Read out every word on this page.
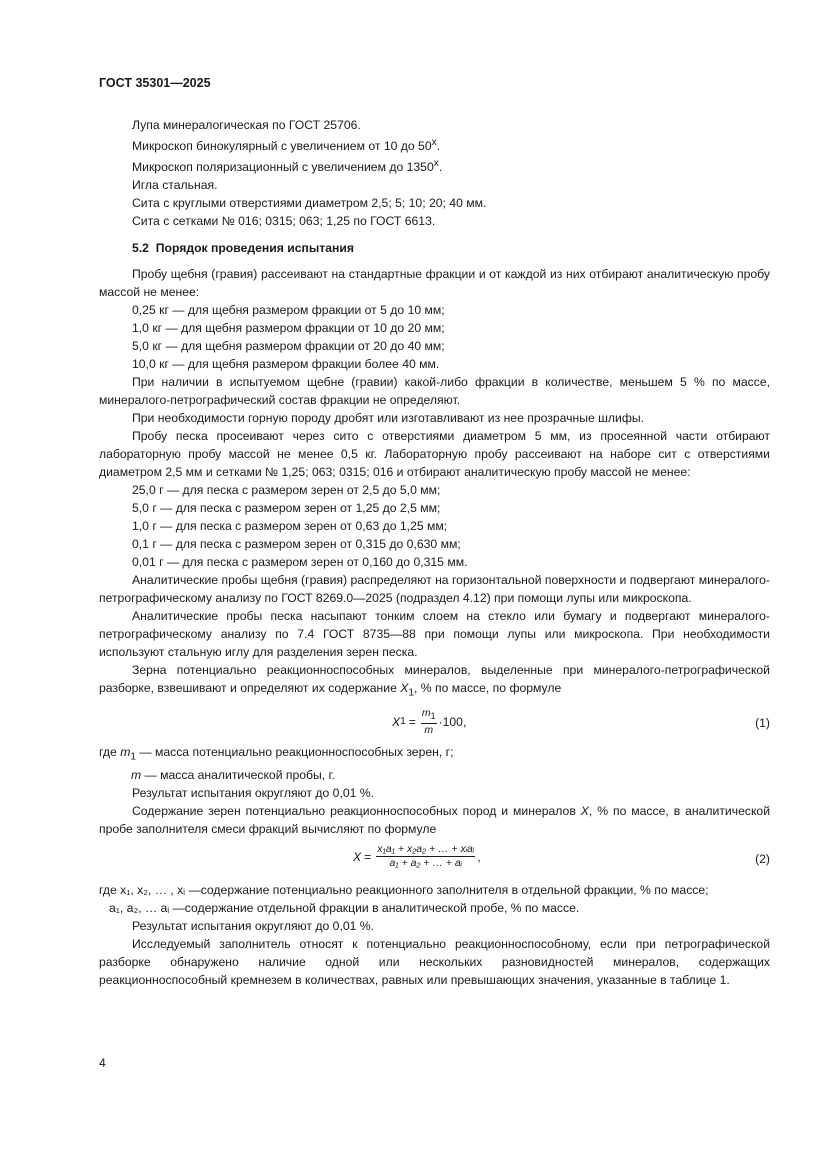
ГОСТ 35301—2025
Лупа минералогическая по ГОСТ 25706.
Микроскоп бинокулярный с увеличением от 10 до $50^х$.
Микроскоп поляризационный с увеличением до $1350^х$.
Игла стальная.
Сита с круглыми отверстиями диаметром 2,5; 5; 10; 20; 40 мм.
Сита с сетками № 016; 0315; 063; 1,25 по ГОСТ 6613.
5.2 Порядок проведения испытания

Пробу щебня (гравия) рассеивают на стандартные фракции и от каждой из них отбирают аналитическую пробу массой не менее:

0,25 кг — для щебня размером фракции от 5 до 10 мм;
1,0 кг — для щебня размером фракции от 10 до 20 мм;
5,0 кг — для щебня размером фракции от 20 до 40 мм;
10,0 кг — для щебня размером фракции более 40 мм.

При наличии в испытуемом щебне (гравии) какой-либо фракции в количестве, меньшем 5 % по массе, минералого-петрографический состав фракции не определяют.

При необходимости горную породу дробят или изготавливают из нее прозрачные шлифы.

Пробу песка просеивают через сито с отверстиями диаметром 5 мм, из просеянной части отбирают лабораторную пробу массой не менее 0,5 кг. Лабораторную пробу рассеивают на наборе сит с отверстиями диаметром 2,5 мм и сетками № 1,25; 063; 0315; 016 и отбирают аналитическую пробу массой не менее:

25,0 г — для песка с размером зерен от 2,5 до 5,0 мм;
5,0 г — для песка с размером зерен от 1,25 до 2,5 мм;
1,0 г — для песка с размером зерен от 0,63 до 1,25 мм;
0,1 г — для песка с размером зерен от 0,315 до 0,630 мм;
0,01 г — для песка с размером зерен от 0,160 до 0,315 мм.

Аналитические пробы щебня (гравия) распределяют на горизонтальной поверхности и подвергают минералого-петрографическому анализу по ГОСТ 8269.0—2025 (подраздел 4.12) при помощи лупы или микроскопа.

Аналитические пробы песка насыпают тонким слоем на стекло или бумагу и подвергают минералого-петрографическому анализу по 7.4 ГОСТ 8735—88 при помощи лупы или микроскопа. При необходимости используют стальную иглу для разделения зерен песка.

Зерна потенциально реакционноспособных минералов, выделенные при минералого-петрографической разборке, взвешивают и определяют их содержание $X_1$, % по массе, по формуле

X $1 = \frac{m_1}{m} \cdot 100$,	(1)
где $m_1$ — масса потенциально реакционноспособных зерен, г;
m — масса аналитической пробы, г.

Результат испытания округляют до 0,01 %.

Содержание зерен потенциально реакционноспособных пород и минералов X, % по массе, в аналитической пробе заполнителя смеси фракций вычисляют по формуле

$X = \frac{\text{x₁a₁ + x₂a₂ + … + xᵢaᵢ}}{\text{a₁ + a₂ + … + aᵢ}}$ ,	(2)
где x₁, x₂, … , xᵢ — содержание потенциально реакционного заполнителя в отдельной фракции, % по массе;
a₁, a₂, … aᵢ — содержание отдельной фракции в аналитической пробе, % по массе.

Результат испытания округляют до 0,01 %.

Исследуемый заполнитель относят к потенциально реакционноспособному, если при петрографической разборке обнаружено наличие одной или нескольких разновидностей минералов, содержащих реакционноспособный кремнезем в количествах, равных или превышающих значения, указанные в таблице 1.

4
